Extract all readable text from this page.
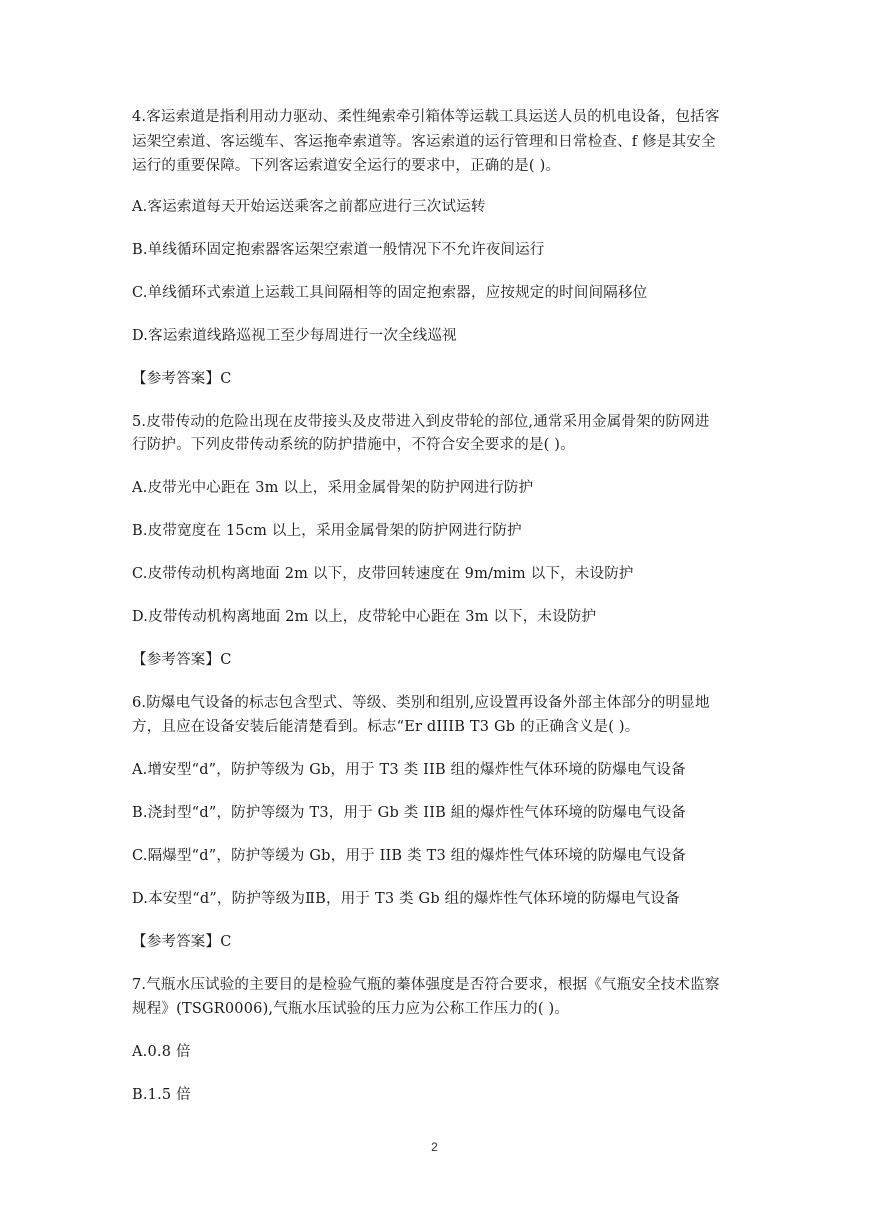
4.客运索道是指利用动力驱动、柔性绳索牵引箱体等运载工具运送人员的机电设备，包括客
运架空索道、客运缆车、客运拖牵索道等。客运索道的运行管理和日常检查、f 修是其安全
运行的重要保障。下列客运索道安全运行的要求中，正确的是( )。
A.客运索道每天开始运送乘客之前都应进行三次试运转
B.单线循环固定抱索器客运架空索道一般情况下不允许夜间运行
C.单线循环式索道上运载工具间隔相等的固定抱索器，应按规定的时间间隔移位
D.客运索道线路巡视工至少每周进行一次全线巡视
【参考答案】C
5.皮带传动的危险出现在皮带接头及皮带进入到皮带轮的部位,通常采用金属骨架的防网进
行防护。下列皮带传动系统的防护措施中，不符合安全要求的是( )。
A.皮带光中心距在 3m 以上，采用金属骨架的防护网进行防护
B.皮带宽度在 15cm 以上，采用金属骨架的防护网进行防护
C.皮带传动机构离地面 2m 以下，皮带回转速度在 9m/mim 以下，未设防护
D.皮带传动机构离地面 2m 以上，皮带轮中心距在 3m 以下，未设防护
【参考答案】C
6.防爆电气设备的标志包含型式、等级、类别和组别,应设置再设备外部主体部分的明显地
方，且应在设备安装后能清楚看到。标志“Er dIIIB T3 Gb 的正确含义是( )。
A.增安型“d”，防护等级为 Gb，用于 T3 类 IIB 组的爆炸性气体环境的防爆电气设备
B.浇封型“d”，防护等缀为 T3，用于 Gb 类 IIB 組的爆炸性气体环境的防爆电气设备
C.隔爆型“d”，防护等缓为 Gb，用于 IIB 类 T3 组的爆炸性气体环境的防爆电气设备
D.本安型“d”，防护等级为ⅡB，用于 T3 类 Gb 组的爆炸性气体环境的防爆电气设备
【参考答案】C
7.气瓶水压试验的主要目的是检验气瓶的蓁体强度是否符合要求，根据《气瓶安全技术监察
规程》(TSGR0006),气瓶水压试验的压力应为公称工作压力的( )。
A.0.8 倍
B.1.5 倍
2
